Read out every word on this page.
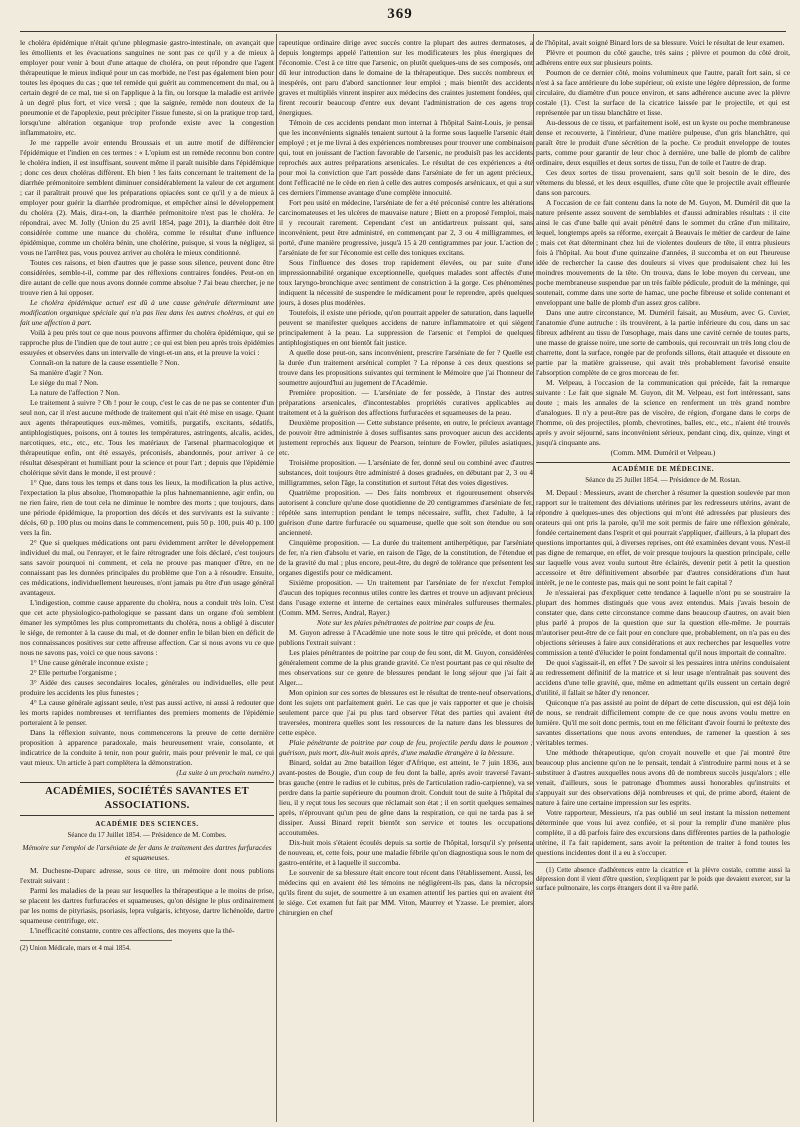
369

le choléra épidémique n'était qu'une phlegmasie gastro-intestinale, on avançait que les émollients et les évacuations sanguines ne sont pas ce qu'il y a de mieux à employer pour venir à bout d'une attaque de choléra, on peut répondre que l'agent thérapeutique le mieux indiqué pour un cas morbide, ne l'est pas également bien pour toutes les époques du cas ; que tel remède qui guérit au commencement du mal, ou à certain degré de ce mal, tue si on l'applique à la fin, ou lorsque la maladie est arrivée à un degré plus fort, et vice versâ ; que la saignée, remède non douteux de la pneumonie et de l'apoplexie, peut précipiter l'issue funeste, si on la pratique trop tard, lorsqu'une altération organique trop profonde existe avec la congestion inflammatoire, etc.

Je me rappelle avoir entendu Broussais et un autre motif de différencier l'épidémique et l'indien en ces termes : « L'opium est un remède reconnu bon contre le choléra indien, il est insuffisant, souvent même il paraît nuisible dans l'épidémique ; donc ces deux choléras diffèrent. Eh bien ! les faits concernant le traitement de la diarrhée prémonitoire semblent diminuer considérablement la valeur de cet argument ; car il paraîtrait prouvé que les préparations opiacées sont ce qu'il y a de mieux à employer pour guérir la diarrhée prodromique, et empêcher ainsi le développement du choléra (2). Mais, dira-t-on, la diarrhée prémonitoire n'est pas le choléra. Je répondrai, avec M. Jolly (Union du 25 avril 1854, page 201), la diarrhée doit être considérée comme une nuance du choléra, comme le résultat d'une influence épidémique, comme un choléra bénin, une cholérine, puisque, si vous la négligez, si vous ne l'arrêtez pas, vous pouvez arriver au choléra le mieux conditionné.

Toutes ces raisons, et bien d'autres que je passe sous silence, peuvent donc être considérées, semble-t-il, comme par des réflexions contraires fondées. Peut-on en dire autant de celle que nous avons donnée comme absolue ? J'ai beau chercher, je ne trouve rien à lui opposer.

Le choléra épidémique actuel est dû à une cause générale déterminant une modification organique spéciale qui n'a pas lieu dans les autres choléras, et qui en fait une affection à part.

Voilà à peu près tout ce que nous pouvons affirmer du choléra épidémique, qui se rapproche plus de l'indien que de tout autre ; ce qui est bien peu après trois épidémies essuyées et observées dans un intervalle de vingt-et-un ans, et la preuve la voici :

Connaît-on la nature de la cause essentielle ? Non.

Sa manière d'agir ? Non.

Le siége du mal ? Non.

La nature de l'affection ? Non.

Le traitement à suivre ? Oh ! pour le coup, c'est le cas de ne pas se contenter d'un seul non, car il n'est aucune méthode de traitement qui n'ait été mise en usage. Quant aux agents thérapeutiques eux-mêmes, vomitifs, purgatifs, excitants, sédatifs, antiphlogistiques, poisons, ont à toutes les températures, astringents, alcalis, acides, narcotiques, etc., etc., etc. Tous les matériaux de l'arsenal pharmacologique et thérapeutique enfin, ont été essayés, préconisés, abandonnés, pour arriver à ce résultat désespérant et humiliant pour la science et pour l'art ; depuis que l'épidémie cholérique sévit dans le monde, il est prouvé :

1° Que, dans tous les temps et dans tous les lieux, la modification la plus active, l'expectation la plus absolue, l'homœopathie la plus hahnemannienne, agir enfin, ou ne rien faire, rien de tout cela ne diminue le nombre des morts ; que toujours, dans une période épidémique, la proportion des décès et des survivants est la suivante : décès, 60 p. 100 plus ou moins dans le commencement, puis 50 p. 100, puis 40 p. 100 vers la fin.

2° Que si quelques médications ont paru évidemment arrêter le développement individuel du mal, ou l'enrayer, et le faire rétrograder une fois déclaré, c'est toujours sans savoir pourquoi ni comment, et cela ne prouve pas manquer d'être, en ne connaissant pas les données principales du problème que l'on a à résoudre. Ensuite, ces médications, individuellement heureuses, n'ont jamais pu être d'un usage général avantageux.

L'indigestion, comme cause apparente du choléra, nous a conduit très loin. C'est que cet acte physiologico-pathologique se passant dans un organe d'où semblent émaner les symptômes les plus compromettants du choléra, nous a obligé à discuter le siége, de remonter à la cause du mal, et de donner enfin le bilan bien en déficit de nos connaissances positives sur cette affreuse affection. Car si nous avons vu ce que nous ne savons pas, voici ce que nous savons :

1° Une cause générale inconnue existe ;

2° Elle perturbe l'organisme ;

3° Aidée des causes secondaires locales, générales ou individuelles, elle peut produire les accidents les plus funestes ;

4° La cause générale agissant seule, n'est pas aussi active, ni aussi à redouter que les morts rapides nombreuses et terrifiantes des premiers moments de l'épidémie porteraient à le penser.

Dans la réflexion suivante, nous commencerons la preuve de cette dernière proposition à apparence paradoxale, mais heureusement vraie, consolante, et indicatrice de la conduite à tenir, non pour guérir, mais pour prévenir le mal, ce qui vaut mieux. Un article à part complétera la démonstration.

(La suite à un prochain numéro.)

ACADÉMIES, SOCIÉTÉS SAVANTES ET ASSOCIATIONS.
ACADÉMIE DES SCIENCES.
Séance du 17 Juillet 1854. — Présidence de M. Combes.
Mémoire sur l'emploi de l'arséniate de fer dans le traitement des dartres furfuracées et squameuses.

M. Duchesne-Duparc adresse, sous ce titre, un mémoire dont nous publions l'extrait suivant :

Parmi les maladies de la peau sur lesquelles la thérapeutique a le moins de prise, se placent les dartres furfuracées et squameuses, qu'on désigne le plus ordinairement par les noms de pityriasis, psoriasis, lepra vulgaris, ichtyose, dartre lichénoïde, dartre squameuse centrifuge, etc.

L'inefficacité constante, contre ces affections, des moyens que la thé-

(2) Union Médicale, mars et 4 mai 1854.

rapeutique ordinaire dirige avec succès contre la plupart des autres dermatoses, a depuis longtemps appelé l'attention sur les modificateurs les plus énergiques de l'économie. C'est à ce titre que l'arsenic, on plutôt quelques-uns de ses composés, ont dû leur introduction dans le domaine de la thérapeutique. Des succès nombreux et inespérés, ont paru d'abord sanctionner leur emploi ; mais bientôt des accidents graves et multipliés vinrent inspirer aux médecins des craintes justement fondées, qui firent recourir beaucoup d'entre eux devant l'administration de ces agens trop énergiques.

Témoin de ces accidents pendant mon internat à l'hôpital Saint-Louis, je pensai que les inconvénients signalés tenaient surtout à la forme sous laquelle l'arsenic était employé ; et je me livrai à des expériences nombreuses pour trouver une combinaison qui, tout en jouissant de l'action favorable de l'arsenic, ne produisît pas les accidents reprochés aux autres préparations arsenicales. Le résultat de ces expériences a été pour moi la conviction que l'art possède dans l'arséniate de fer un agent précieux, dont l'efficacité ne le cède en rien à celle des autres composés arsénicaux, et qui a sur ces derniers l'immense avantage d'une complète innocuité.

Fort peu usité en médecine, l'arséniate de fer a été préconisé contre les altérations carcinomateuses et les ulcères de mauvaise nature ; Biett en a proposé l'emploi, mais il y recourait rarement. Cependant c'est un antidartreux puissant qui, sans inconvénient, peut être administré, en commençant par 2, 3 ou 4 milligrammes, et porté, d'une manière progressive, jusqu'à 15 à 20 centigrammes par jour. L'action de l'arséniate de fer sur l'économie est celle des toniques excitans.

Sous l'influence des doses trop rapidement élevées, ou par suite d'une impressionnabilité organique exceptionnelle, quelques malades sont affectés d'une toux laryngo-bronchique avec sentiment de constriction à la gorge. Ces phénomènes indiquent la nécessité de suspendre le médicament pour le reprendre, après quelques jours, à doses plus modérées.

Toutefois, il existe une période, qu'on pourrait appeler de saturation, dans laquelle peuvent se manifester quelques accidens de nature inflammatoire et qui siègent principalement à la peau. La suppression de l'arsenic et l'emploi de quelques antiphlogistiques en ont bientôt fait justice.

A quelle dose peut-on, sans inconvénient, prescrire l'arséniate de fer ? Quelle est la durée d'un traitement arsénical complet ? La réponse à ces deux questions se trouve dans les propositions suivantes qui terminent le Mémoire que j'ai l'honneur de soumettre aujourd'hui au jugement de l'Académie.

Première proposition. — L'arséniate de fer possède, à l'instar des autres préparations arsenicales, d'incontestables propriétés curatives applicables au traitement et à la guérison des affections furfuracées et squameuses de la peau.

Deuxième proposition — Cette substance présente, en outre, le précieux avantage de pouvoir être administrée à doses suffisantes sans provoquer aucun des accidents justement reprochés aux liqueur de Pearson, teinture de Fowler, pilules asiatiques, etc.

Troisième proposition. — L'arséniate de fer, donné seul ou combiné avec d'autres substances, doit toujours être administré à doses graduées, en débutant par 2, 3 ou 4 milligrammes, selon l'âge, la constitution et surtout l'état des voies digestives.

Quatrième proposition. — Des faits nombreux et rigoureusement observés autorisent à conclure qu'une dose quotidienne de 20 centigrammes d'arséniate de fer, répétée sans interruption pendant le temps nécessaire, suffit, chez l'adulte, à la guérison d'une dartre furfuracée ou squameuse, quelle que soit son étendue ou son ancienneté.

Cinquième proposition. — La durée du traitement antiherpétique, par l'arséniate de fer, n'a rien d'absolu et varie, en raison de l'âge, de la constitution, de l'étendue et de la gravité du mal ; plus encore, peut-être, du degré de tolérance que présentent les organes digestifs pour ce médicament.

Sixième proposition. — Un traitement par l'arséniate de fer n'exclut l'emploi d'aucun des topiques reconnus utiles contre les dartres et trouve un adjuvant précieux dans l'usage externe et interne de certaines eaux minérales sulfureuses thermales. (Comm. MM. Serres, Andral, Rayer.)

Note sur les plaies pénétrantes de poitrine par coups de feu.

M. Guyon adresse à l'Académie une note sous le titre qui précède, et dont nous publions l'extrait suivant :

Les plaies pénétrantes de poitrine par coup de feu sont, dit M. Guyon, considérées généralement comme de la plus grande gravité. Ce n'est pourtant pas ce qui résulte de mes observations sur ce genre de blessures pendant le long séjour que j'ai fait à Alger....

Mon opinion sur ces sortes de blessures est le résultat de trente-neuf observations, dont les sujets ont parfaitement guéri. Le cas que je vais rapporter et que je choisis seulement parce que j'ai pu plus tard observer l'état des parties qui avaient été traversées, montrera quelles sont les ressources de la nature dans les blessures de cette espèce.

Plaie pénétrante de poitrine par coup de feu, projectile perdu dans le poumon ; guérison, puis mort, dix-huit mois après, d'une maladie étrangère à la blessure.

Binard, soldat au 2me bataillon léger d'Afrique, est atteint, le 7 juin 1836, aux avant-postes de Bougie, d'un coup de feu dont la balle, après avoir traversé l'avant-bras gauche (entre le radius et le cubitus, près de l'articulation radio-carpienne), va se perdre dans la partie supérieure du poumon droit. Conduit tout de suite à l'hôpital du lieu, il y reçut tous les secours que réclamait son état ; il en sortit quelques semaines après, n'éprouvant qu'un peu de gêne dans la respiration, ce qui ne tarda pas à se dissiper. Aussi Binard reprit bientôt son service et toutes les occupations accoutumées.

Dix-huit mois s'étaient écoulés depuis sa sortie de l'hôpital, lorsqu'il s'y présenta de nouveau, et, cette fois, pour une maladie fébrile qu'on diagnostiqua sous le nom de gastro-entérite, et à laquelle il succomba.

Le souvenir de sa blessure était encore tout récent dans l'établissement. Aussi, les médecins qui en avaient été les témoins ne négligèrent-ils pas, dans la nécropsie qu'ils firent du sujet, de soumettre à un examen attentif les parties qui en avaient été le siége. Cet examen fut fait par MM. Viton, Maurrey et Yzasse. Le premier, alors chirurgien en chef

de l'hôpital, avait soigné Binard lors de sa blessure. Voici le résultat de leur examen.

Plèvre et poumon du côté gauche, très sains ; plèvre et poumon du côté droit, adhérens entre eux sur plusieurs points.

Poumon de ce dernier côté, moins volumineux que l'autre, paraît fort sain, si ce n'est à sa face antérieure du lobe supérieur, où existe une légère dépression, de forme circulaire, du diamètre d'un pouce environ, et sans adhérence aucune avec la plèvre costale (1). C'est la surface de la cicatrice laissée par le projectile, et qui est représentée par un tissu blanchâtre et lisse.

Au-dessous de ce tissu, et parfaitement isolé, est un kyste ou poche membraneuse dense et recouverte, à l'intérieur, d'une matière pulpeuse, d'un gris blanchâtre, qui paraît être le produit d'une sécrétion de la poche. Ce produit enveloppe de toutes parts, comme pour garantir de leur choc à dernière, une balle de plomb de calibre ordinaire, deux esquilles et deux sortes de tissu, l'un de toile et l'autre de drap.

Ces deux sortes de tissu provenaient, sans qu'il soit besoin de le dire, des vêtemens du blessé, et les deux esquilles, d'une côte que le projectile avait effleurée dans son parcours.

A l'occasion de ce fait contenu dans la note de M. Guyon, M. Duméril dit que la nature présente assez souvent de semblables et d'aussi admirables résultats : il cite ainsi le cas d'une balle qui avait pénétré dans le sommet du crâne d'un militaire, lequel, longtemps après sa réforme, exerçait à Beauvais le métier de cardeur de laine ; mais cet état déterminant chez lui de violentes douleurs de tête, il entra plusieurs fois à l'hôpital. Au bout d'une quinzaine d'années, il succomba et on eut l'heureuse idée de rechercher la cause des douleurs si vives que produisaient chez lui les moindres mouvements de la tête. On trouva, dans le lobe moyen du cerveau, une poche membraneuse suspendue par un très faible pédicule, produit de la méninge, qui soutenait, comme dans une sorte de hamac, une poche fibreuse et solide contenant et enveloppant une balle de plomb d'un assez gros calibre.

Dans une autre circonstance, M. Duméril faisait, au Muséum, avec G. Cuvier, l'anatomie d'une autruche : ils trouvèrent, à la partie inférieure du cou, dans un sac fibreux adhérent au tissu de l'œsophage, mais dans une cavité cernée de toutes parts, une masse de graisse noire, une sorte de cambouis, qui recouvrait un très long clou de charrette, dont la surface, rongée par de profonds sillons, était attaquée et dissoute en partie par la matière graisseuse, qui avait très probablement favorisé ensuite l'absorption complète de ce gros morceau de fer.

M. Velpeau, à l'occasion de la communication qui précède, fait la remarque suivante : Le fait que signale M. Guyon, dit M. Velpeau, est fort intéressant, sans doute ; mais les annales de la science en renferment un très grand nombre d'analogues. Il n'y a peut-être pas de viscère, de région, d'organe dans le corps de l'homme, où des projectiles, plomb, chevrotines, balles, etc., etc., n'aient été trouvés après y avoir séjourné, sans inconvénient sérieux, pendant cinq, dix, quinze, vingt et jusqu'à cinquante ans.

(Comm. MM. Duméril et Velpeau.)

ACADÉMIE DE MÉDECINE.
Séance du 25 Juillet 1854. — Présidence de M. Rostan.

M. Depaul : Messieurs, avant de chercher à résumer la question soulevée par mon rapport sur le traitement des déviations utérines par les redresseurs utérins, avant de répondre à quelques-unes des objections qui m'ont été adressées par plusieurs des orateurs qui ont pris la parole, qu'il me soit permis de faire une réflexion générale, fondée certainement dans l'esprit et qui pourrait s'appliquer, d'ailleurs, à la plupart des questions importantes qui, à diverses reprises, ont été examinées devant vous. N'est-il pas digne de remarque, en effet, de voir presque toujours la question principale, celle sur laquelle vous avez voulu surtout être éclairés, devenir petit à petit la question accessoire et être définitivement absorbée par d'autres considérations d'un haut intérêt, je ne le conteste pas, mais qui ne sont point le fait capital ?

Je n'essaierai pas d'expliquer cette tendance à laquelle n'ont pu se soustraire la plupart des hommes distingués que vous avez entendus. Mais j'avais besoin de constater que, dans cette circonstance comme dans beaucoup d'autres, on avait bien plus parlé à propos de la question que sur la question elle-même. Je pourrais m'autoriser peut-être de ce fait pour en conclure que, probablement, on n'a pas eu des objections sérieuses à faire aux considérations et aux recherches par lesquelles votre commission a tenté d'élucider le point fondamental qu'il nous importait de connaître.

De quoi s'agissait-il, en effet ? De savoir si les pessaires intra utérins conduisaient au redressement définitif de la matrice et si leur usage n'entraînait pas souvent des accidens d'une telle gravité, que, même en admettant qu'ils eussent un certain degré d'utilité, il fallait se hâter d'y renoncer.

Quiconque n'a pas assisté au point de départ de cette discussion, qui est déjà loin de nous, se rendrait difficilement compte de ce que nous avons voulu mettre en lumière. Qu'il me soit donc permis, tout en me félicitant d'avoir fourni le prétexte des savantes dissertations que nous avons entendues, de ramener la question à ses véritables termes.

Une méthode thérapeutique, qu'on croyait nouvelle et que j'ai montré être beaucoup plus ancienne qu'on ne le pensait, tendait à s'introduire parmi nous et à se substituer à d'autres auxquelles nous avons dû de nombreux succès jusqu'alors ; elle venait, d'ailleurs, sous le patronage d'hommes aussi honorables qu'instruits et s'appuyait sur des observations déjà nombreuses et qui, de prime abord, étaient de nature à faire une certaine impression sur les esprits.

Votre rapporteur, Messieurs, n'a pas oublié un seul instant la mission nettement déterminée que vous lui avez confiée, et si pour la remplir d'une manière plus complète, il a dû parfois faire des excursions dans différentes parties de la pathologie utérine, il l'a fait rapidement, sans avoir la prétention de traiter à fond toutes les questions incidentes dont il a eu à s'occuper.

(1) Cette absence d'adhérences entre la cicatrice et la plèvre costale, comme aussi la dépression dont il vient d'être question, s'expliquent par le poids que devaient exercer, sur la surface pulmonaire, les corps étrangers dont il va être parlé.
